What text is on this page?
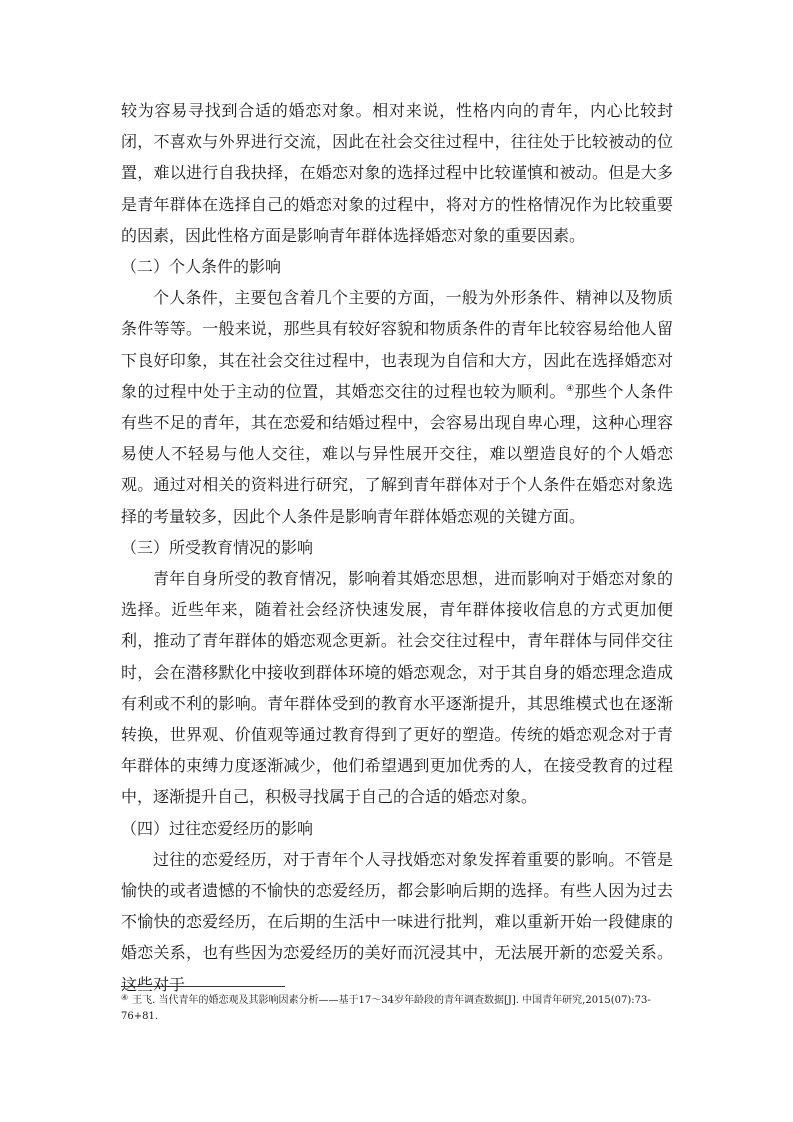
较为容易寻找到合适的婚恋对象。相对来说，性格内向的青年，内心比较封闭，不喜欢与外界进行交流，因此在社会交往过程中，往往处于比较被动的位置，难以进行自我抉择，在婚恋对象的选择过程中比较谨慎和被动。但是大多是青年群体在选择自己的婚恋对象的过程中，将对方的性格情况作为比较重要的因素，因此性格方面是影响青年群体选择婚恋对象的重要因素。

（二）个人条件的影响

个人条件，主要包含着几个主要的方面，一般为外形条件、精神以及物质条件等等。一般来说，那些具有较好容貌和物质条件的青年比较容易给他人留下良好印象，其在社会交往过程中，也表现为自信和大方，因此在选择婚恋对象的过程中处于主动的位置，其婚恋交往的过程也较为顺利。④那些个人条件有些不足的青年，其在恋爱和结婚过程中，会容易出现自卑心理，这种心理容易使人不轻易与他人交往，难以与异性展开交往，难以塑造良好的个人婚恋观。通过对相关的资料进行研究，了解到青年群体对于个人条件在婚恋对象选择的考量较多，因此个人条件是影响青年群体婚恋观的关键方面。

（三）所受教育情况的影响

青年自身所受的教育情况，影响着其婚恋思想，进而影响对于婚恋对象的选择。近些年来，随着社会经济快速发展，青年群体接收信息的方式更加便利，推动了青年群体的婚恋观念更新。社会交往过程中，青年群体与同伴交往时，会在潜移默化中接收到群体环境的婚恋观念，对于其自身的婚恋理念造成有利或不利的影响。青年群体受到的教育水平逐渐提升，其思维模式也在逐渐转换，世界观、价值观等通过教育得到了更好的塑造。传统的婚恋观念对于青年群体的束缚力度逐渐减少，他们希望遇到更加优秀的人，在接受教育的过程中，逐渐提升自己，积极寻找属于自己的合适的婚恋对象。

（四）过往恋爱经历的影响

过往的恋爱经历，对于青年个人寻找婚恋对象发挥着重要的影响。不管是愉快的或者遗憾的不愉快的恋爱经历，都会影响后期的选择。有些人因为过去不愉快的恋爱经历，在后期的生活中一味进行批判，难以重新开始一段健康的婚恋关系，也有些因为恋爱经历的美好而沉浸其中，无法展开新的恋爱关系。这些对于

④ 王飞. 当代青年的婚恋观及其影响因素分析——基于17～34岁年龄段的青年调查数据[J]. 中国青年研究,2015(07):73-76+81.
